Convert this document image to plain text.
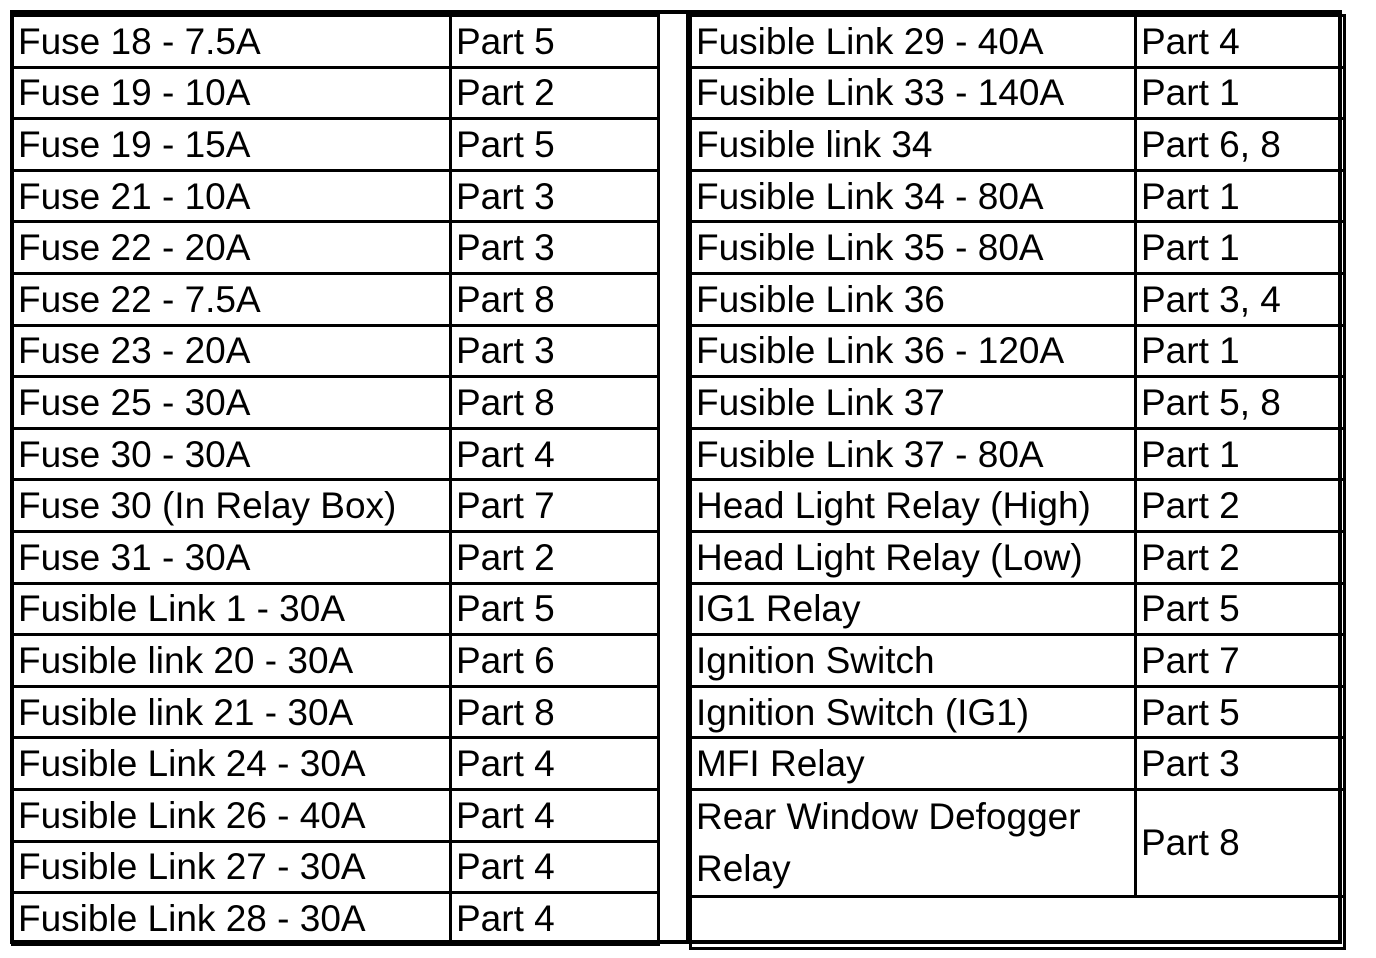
Fuse 18 - 7.5A	Part 5
Fuse 19 - 10A	Part 2
Fuse 19 - 15A	Part 5
Fuse 21 - 10A	Part 3
Fuse 22 - 20A	Part 3
Fuse 22 - 7.5A	Part 8
Fuse 23 - 20A	Part 3
Fuse 25 - 30A	Part 8
Fuse 30 - 30A	Part 4
Fuse 30 (In Relay Box)	Part 7
Fuse 31 - 30A	Part 2
Fusible Link 1 - 30A	Part 5
Fusible link 20 - 30A	Part 6
Fusible link 21 - 30A	Part 8
Fusible Link 24 - 30A	Part 4
Fusible Link 26 - 40A	Part 4
Fusible Link 27 - 30A	Part 4
Fusible Link 28 - 30A	Part 4
Fusible Link 29 - 40A	Part 4
Fusible Link 33 - 140A	Part 1
Fusible link 34	Part 6, 8
Fusible Link 34 - 80A	Part 1
Fusible Link 35 - 80A	Part 1
Fusible Link 36	Part 3, 4
Fusible Link 36 - 120A	Part 1
Fusible Link 37	Part 5, 8
Fusible Link 37 - 80A	Part 1
Head Light Relay (High)	Part 2
Head Light Relay (Low)	Part 2
IG1 Relay	Part 5
Ignition Switch	Part 7
Ignition Switch (IG1)	Part 5
MFI Relay	Part 3
Rear Window Defogger Relay	Part 8
